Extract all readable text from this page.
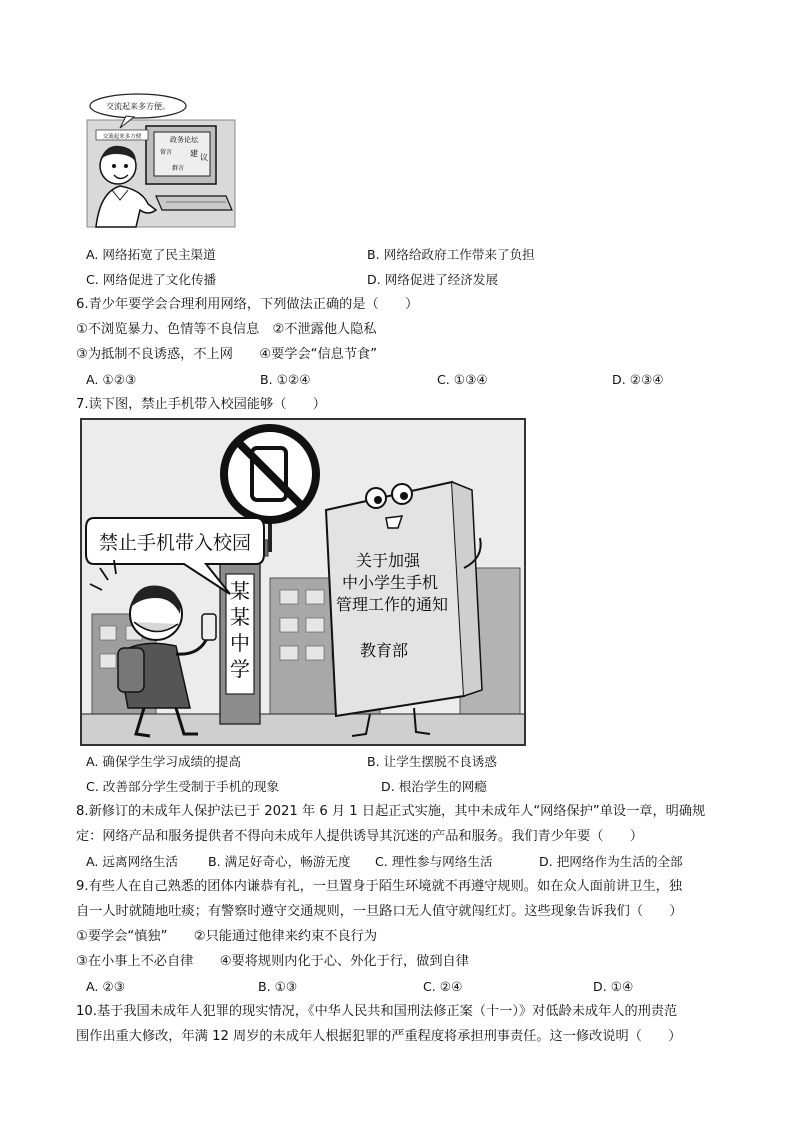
交流起来多方便。
政务论坛
留言 建 议
群言
交流起来多方便
A. 网络拓宽了民主渠道	B. 网络给政府工作带来了负担
C. 网络促进了文化传播	D. 网络促进了经济发展
6.青少年要学会合理利用网络，下列做法正确的是（　　）
①不浏览暴力、色情等不良信息　②不泄露他人隐私
③为抵制不良诱惑，不上网　　④要学会“信息节食”
A. ①②③	B. ①②④	C. ①③④	D. ②③④
7.读下图，禁止手机带入校园能够（　　）
某
某
中
学
禁止手机带入校园
关于加强
中小学生手机
管理工作的通知
教育部
A. 确保学生学习成绩的提高	B. 让学生摆脱不良诱惑
C. 改善部分学生受制于手机的现象	D. 根治学生的网瘾
8.新修订的未成年人保护法已于 2021 年 6 月 1 日起正式实施，其中未成年人“网络保护”单设一章，明确规
定：网络产品和服务提供者不得向未成年人提供诱导其沉迷的产品和服务。我们青少年要（　　）
A. 远离网络生活 B. 满足好奇心，畅游无度 C. 理性参与网络生活	D. 把网络作为生活的全部
9.有些人在自己熟悉的团体内谦恭有礼，一旦置身于陌生环境就不再遵守规则。如在众人面前讲卫生，独
自一人时就随地吐痰；有警察时遵守交通规则，一旦路口无人值守就闯红灯。这些现象告诉我们（　　）
①要学会“慎独”　　②只能通过他律来约束不良行为
③在小事上不必自律　　④要将规则内化于心、外化于行，做到自律
A. ②③	B. ①③	C. ②④	D. ①④
10.基于我国未成年人犯罪的现实情况，《中华人民共和国刑法修正案（十一）》对低龄未成年人的刑责范
围作出重大修改，年满 12 周岁的未成年人根据犯罪的严重程度将承担刑事责任。这一修改说明（　　）
